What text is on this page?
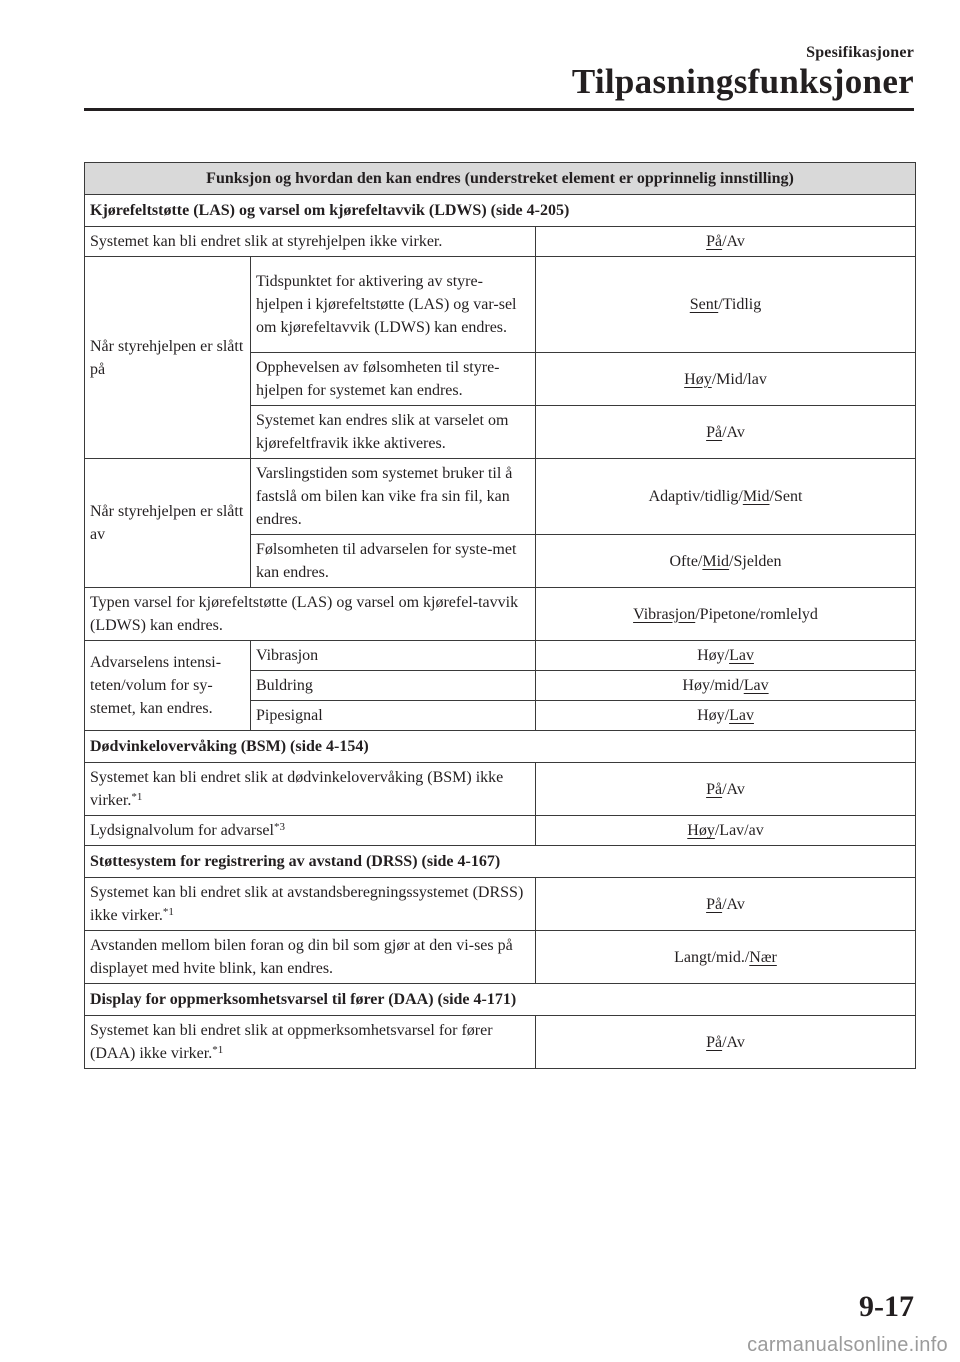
Spesifikasjoner
Tilpasningsfunksjoner
Funksjon og hvordan den kan endres (understreket element er opprinnelig innstilling)		
Kjørefeltstøtte (LAS) og varsel om kjørefeltavvik (LDWS) (side 4-205)		
Systemet kan bli endret slik at styrehjelpen ikke virker.		På/Av
Når styrehjelpen er slått på	Tidspunktet for aktivering av styre-hjelpen i kjørefeltstøtte (LAS) og var-sel om kjørefeltavvik (LDWS) kan endres.	Sent/Tidlig
	Opphevelsen av følsomheten til styre-hjelpen for systemet kan endres.	Høy/Mid/lav
	Systemet kan endres slik at varselet om kjørefeltfravik ikke aktiveres.	På/Av
Når styrehjelpen er slått av	Varslingstiden som systemet bruker til å fastslå om bilen kan vike fra sin fil, kan endres.	Adaptiv/tidlig/Mid/Sent
	Følsomheten til advarselen for syste-met kan endres.	Ofte/Mid/Sjelden
Typen varsel for kjørefeltstøtte (LAS) og varsel om kjørefel-tavvik (LDWS) kan endres.		Vibrasjon/Pipetone/romlelyd
Advarselens intensi-teten/volum for sy-stemet, kan endres.	Vibrasjon	Høy/Lav
	Buldring	Høy/mid/Lav
	Pipesignal	Høy/Lav
Dødvinkelovervåking (BSM) (side 4-154)		
Systemet kan bli endret slik at dødvinkelovervåking (BSM) ikke virker.$^{*1}$		På/Av
Lydsignalvolum for advarsel$^{*3}$		Høy/Lav/av
Støttesystem for registrering av avstand (DRSS) (side 4-167)		
Systemet kan bli endret slik at avstandsberegningssystemet (DRSS) ikke virker.$^{*1}$		På/Av
Avstanden mellom bilen foran og din bil som gjør at den vi-ses på displayet med hvite blink, kan endres.		Langt/mid./Nær
Display for oppmerksomhetsvarsel til fører (DAA) (side 4-171)		
Systemet kan bli endret slik at oppmerksomhetsvarsel for fører (DAA) ikke virker.$^{*1}$		På/Av
9-17
carmanualsonline.info
